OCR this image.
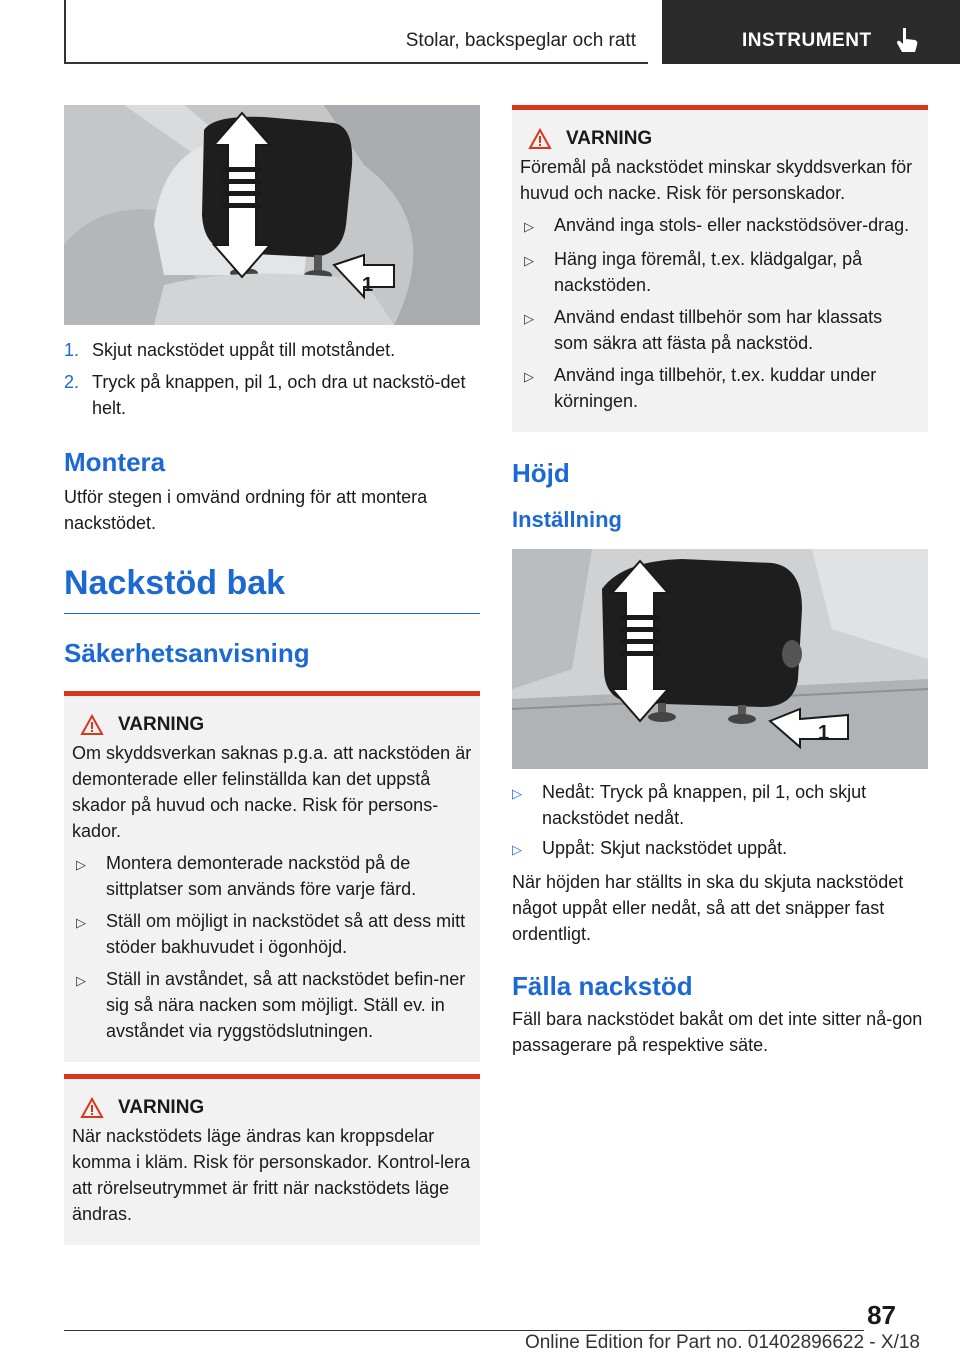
Stolar, backspeglar och ratt	INSTRUMENT
1
1. Skjut nackstödet uppåt till motståndet.
2. Tryck på knappen, pil 1, och dra ut nackstö-det helt.
Montera
Utför stegen i omvänd ordning för att montera nackstödet.
Nackstöd bak
Säkerhetsanvisning
VARNING
Om skyddsverkan saknas p.g.a. att nackstöden är demonterade eller felinställda kan det uppstå skador på huvud och nacke. Risk för persons-kador.
▷	Montera demonterade nackstöd på de sittplatser som används före varje färd.
▷	Ställ om möjligt in nackstödet så att dess mitt stöder bakhuvudet i ögonhöjd.
▷	Ställ in avståndet, så att nackstödet befin-ner sig så nära nacken som möjligt. Ställ ev. in avståndet via ryggstödslutningen.
VARNING
När nackstödets läge ändras kan kroppsdelar komma i kläm. Risk för personskador. Kontrol-lera att rörelseutrymmet är fritt när nackstödets läge ändras.
VARNING
Föremål på nackstödet minskar skyddsverkan för huvud och nacke. Risk för personskador.
▷	Använd inga stols- eller nackstödsöver-drag.
▷	Häng inga föremål, t.ex. klädgalgar, på nackstöden.
▷	Använd endast tillbehör som har klassats som säkra att fästa på nackstöd.
▷	Använd inga tillbehör, t.ex. kuddar under körningen.
Höjd
Inställning
1
▷	Nedåt: Tryck på knappen, pil 1, och skjut nackstödet nedåt.
▷	Uppåt: Skjut nackstödet uppåt.
När höjden har ställts in ska du skjuta nackstödet något uppåt eller nedåt, så att det snäpper fast ordentligt.
Fälla nackstöd
Fäll bara nackstödet bakåt om det inte sitter nå-gon passagerare på respektive säte.
87
Online Edition for Part no. 01402896622 - X/18
